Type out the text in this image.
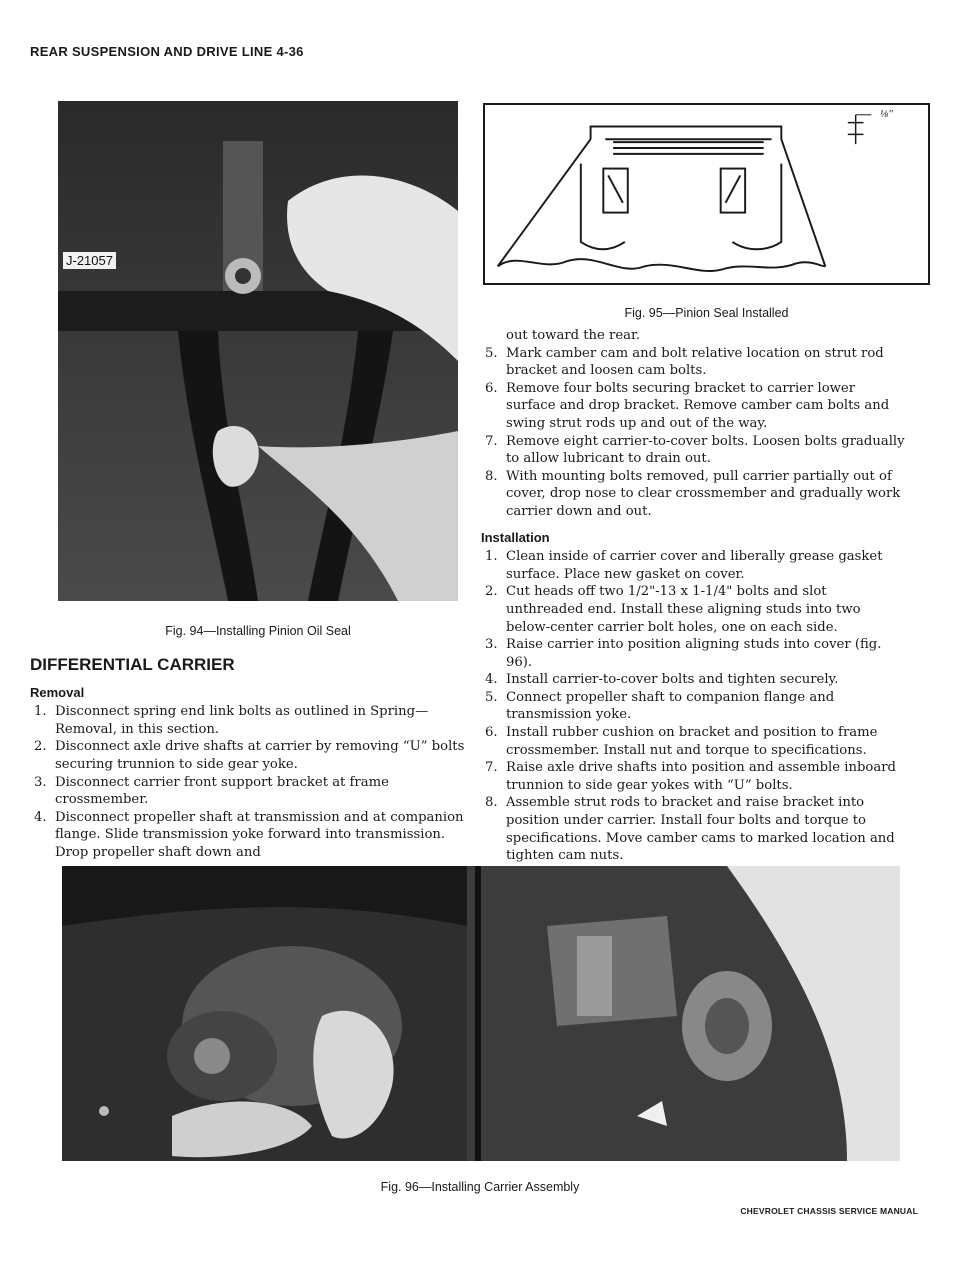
REAR SUSPENSION AND DRIVE LINE 4-36
J-21057
Fig. 94—Installing Pinion Oil Seal
⅛"
Fig. 95—Pinion Seal Installed
DIFFERENTIAL CARRIER
Removal
1. Disconnect spring end link bolts as outlined in Spring—Removal, in this section.
2. Disconnect axle drive shafts at carrier by removing “U” bolts securing trunnion to side gear yoke.
3. Disconnect carrier front support bracket at frame crossmember.
4. Disconnect propeller shaft at transmission and at companion flange. Slide transmission yoke forward into transmission. Drop propeller shaft down and

out toward the rear.

5. Mark camber cam and bolt relative location on strut rod bracket and loosen cam bolts.
6. Remove four bolts securing bracket to carrier lower surface and drop bracket. Remove camber cam bolts and swing strut rods up and out of the way.
7. Remove eight carrier-to-cover bolts. Loosen bolts gradually to allow lubricant to drain out.
8. With mounting bolts removed, pull carrier partially out of cover, drop nose to clear crossmember and gradually work carrier down and out.
Installation
1. Clean inside of carrier cover and liberally grease gasket surface. Place new gasket on cover.
2. Cut heads off two 1/2"-13 x 1-1/4" bolts and slot unthreaded end. Install these aligning studs into two below-center carrier bolt holes, one on each side.
3. Raise carrier into position aligning studs into cover (fig. 96).
4. Install carrier-to-cover bolts and tighten securely.
5. Connect propeller shaft to companion flange and transmission yoke.
6. Install rubber cushion on bracket and position to frame crossmember. Install nut and torque to specifications.
7. Raise axle drive shafts into position and assemble inboard trunnion to side gear yokes with “U” bolts.
8. Assemble strut rods to bracket and raise bracket into position under carrier. Install four bolts and torque to specifications. Move camber cams to marked location and tighten cam nuts.
Fig. 96—Installing Carrier Assembly
CHEVROLET CHASSIS SERVICE MANUAL
